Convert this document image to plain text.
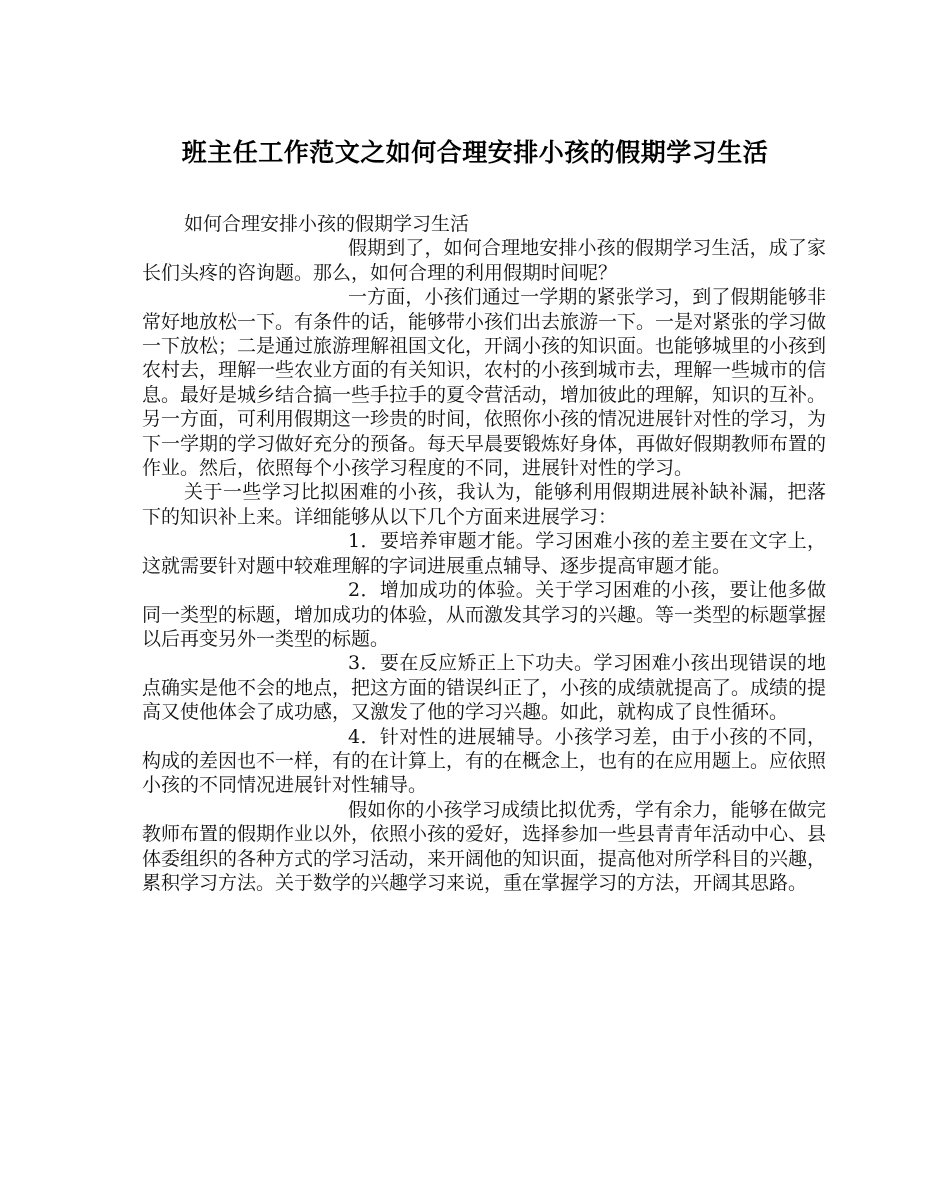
班主任工作范文之如何合理安排小孩的假期学习生活

如何合理安排小孩的假期学习生活

假期到了，如何合理地安排小孩的假期学习生活，成了家长们头疼的咨询题。那么，如何合理的利用假期时间呢？

一方面，小孩们通过一学期的紧张学习，到了假期能够非常好地放松一下。有条件的话，能够带小孩们出去旅游一下。一是对紧张的学习做一下放松；二是通过旅游理解祖国文化，开阔小孩的知识面。也能够城里的小孩到农村去，理解一些农业方面的有关知识，农村的小孩到城市去，理解一些城市的信息。最好是城乡结合搞一些手拉手的夏令营活动，增加彼此的理解，知识的互补。另一方面，可利用假期这一珍贵的时间，依照你小孩的情况进展针对性的学习，为下一学期的学习做好充分的预备。每天早晨要锻炼好身体，再做好假期教师布置的作业。然后，依照每个小孩学习程度的不同，进展针对性的学习。

关于一些学习比拟困难的小孩，我认为，能够利用假期进展补缺补漏，把落下的知识补上来。详细能够从以下几个方面来进展学习：

1．要培养审题才能。学习困难小孩的差主要在文字上，这就需要针对题中较难理解的字词进展重点辅导、逐步提高审题才能。

2．增加成功的体验。关于学习困难的小孩，要让他多做同一类型的标题，增加成功的体验，从而激发其学习的兴趣。等一类型的标题掌握以后再变另外一类型的标题。

3．要在反应矫正上下功夫。学习困难小孩出现错误的地点确实是他不会的地点，把这方面的错误纠正了，小孩的成绩就提高了。成绩的提高又使他体会了成功感，又激发了他的学习兴趣。如此，就构成了良性循环。

4．针对性的进展辅导。小孩学习差，由于小孩的不同，构成的差因也不一样，有的在计算上，有的在概念上，也有的在应用题上。应依照小孩的不同情况进展针对性辅导。

假如你的小孩学习成绩比拟优秀，学有余力，能够在做完教师布置的假期作业以外，依照小孩的爱好，选择参加一些县青青年活动中心、县体委组织的各种方式的学习活动，来开阔他的知识面，提高他对所学科目的兴趣，累积学习方法。关于数学的兴趣学习来说，重在掌握学习的方法，开阔其思路。
